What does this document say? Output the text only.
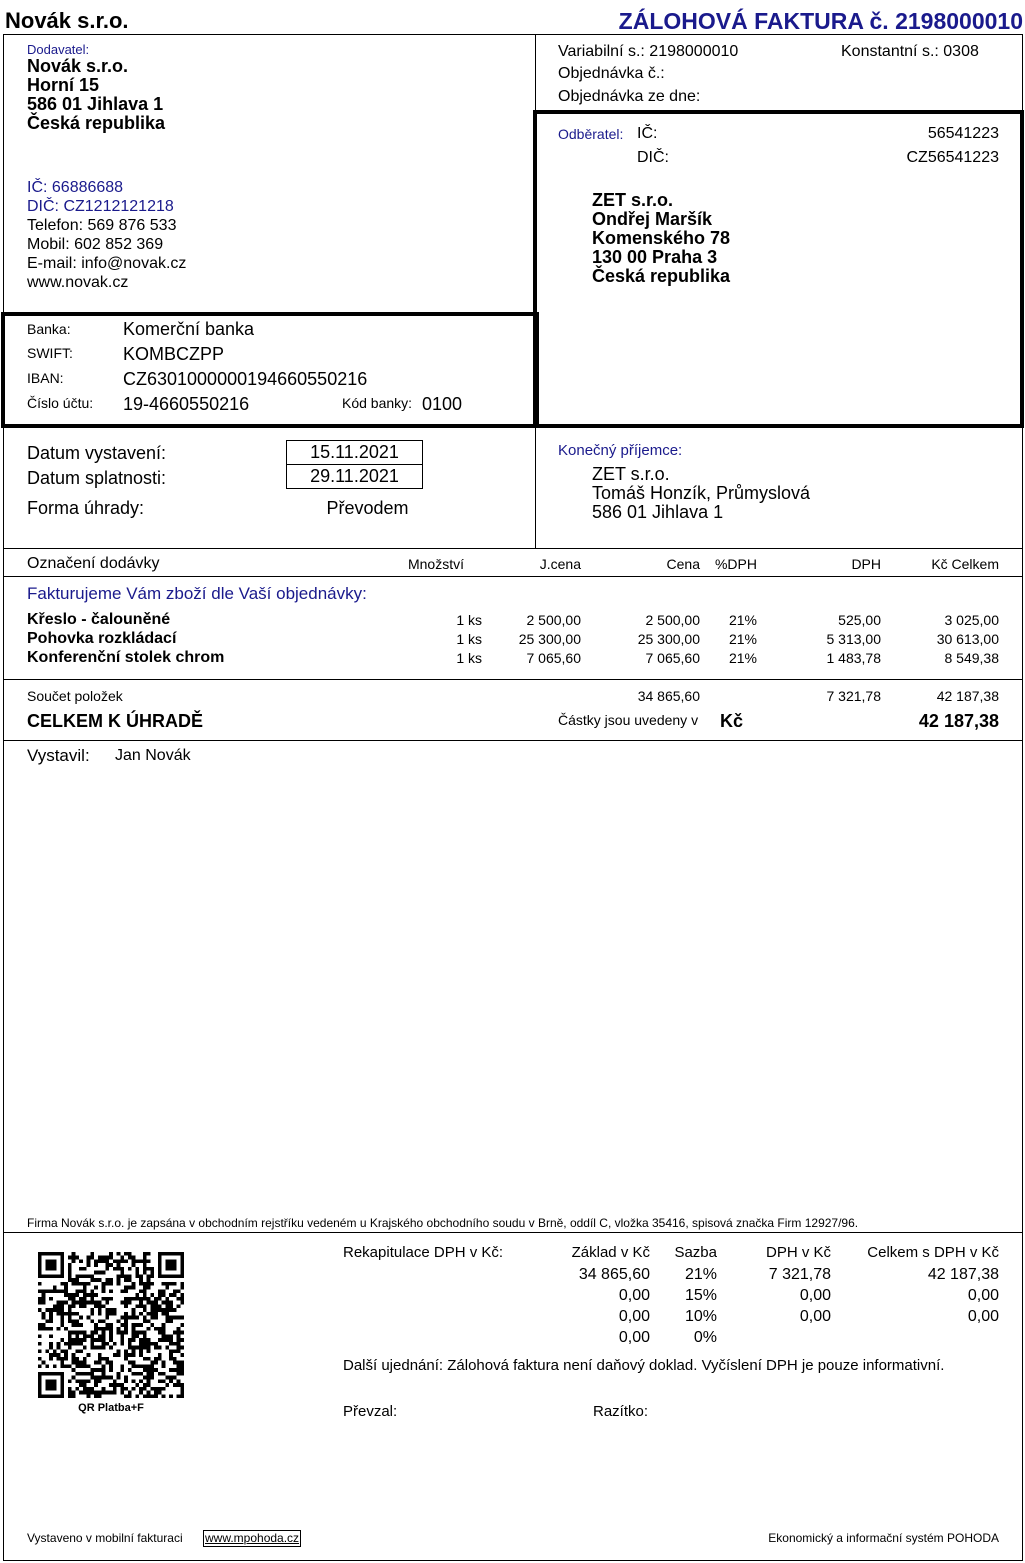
Novák s.r.o.	ZÁLOHOVÁ FAKTURA č. 2198000010
Dodavatel:
Novák s.r.o.
Horní 15
586 01 Jihlava 1
Česká republika
IČ: 66886688
DIČ: CZ1212121218
Telefon: 569 876 533
Mobil: 602 852 369
E-mail: info@novak.cz
www.novak.cz
Variabilní s.: 2198000010	Konstantní s.: 0308
Objednávka č.:
Objednávka ze dne:
Odběratel: IČ:	56541223
DIČ:	CZ56541223
ZET s.r.o.
Ondřej Maršík
Komenského 78
130 00 Praha 3
Česká republika
Banka:	Komerční banka
SWIFT:	KOMBCZPP
IBAN:	CZ6301000000194660550216
Číslo účtu: 19-4660550216	Kód banky: 0100
Datum vystavení:	15.11.2021
Datum splatnosti:	29.11.2021
Forma úhrady:	Převodem
Konečný příjemce:
ZET s.r.o.
Tomáš Honzík, Průmyslová
586 01 Jihlava 1
Označení dodávky	Množství	J.cena	Cena %DPH	DPH	Kč Celkem
Fakturujeme Vám zboží dle Vaší objednávky:
Křeslo - čalouněné	1 ks	2 500,00	2 500,00 21%	525,00	3 025,00
Pohovka rozkládací	1 ks	25 300,00	25 300,00 21%	5 313,00	30 613,00
Konferenční stolek chrom	1 ks	7 065,60	7 065,60 21%	1 483,78	8 549,38
Součet položek	34 865,60	7 321,78	42 187,38
CELKEM K ÚHRADĚ	Částky jsou uvedeny v Kč	42 187,38
Vystavil: Jan Novák
Firma Novák s.r.o. je zapsána v obchodním rejstříku vedeném u Krajského obchodního soudu v Brně, oddíl C, vložka 35416, spisová značka Firm 12927/96.
QR Platba+F
Rekapitulace DPH v Kč:	Základ v Kč Sazba	DPH v Kč Celkem s DPH v Kč
34 865,60 21%	7 321,78	42 187,38
0,00 15%	0,00	0,00
0,00 10%	0,00	0,00
0,00	0%
Další ujednání: Zálohová faktura není daňový doklad. Vyčíslení DPH je pouze informativní.
Převzal:	Razítko:
Vystaveno v mobilní fakturaci www.mpohoda.cz	Ekonomický a informační systém POHODA
